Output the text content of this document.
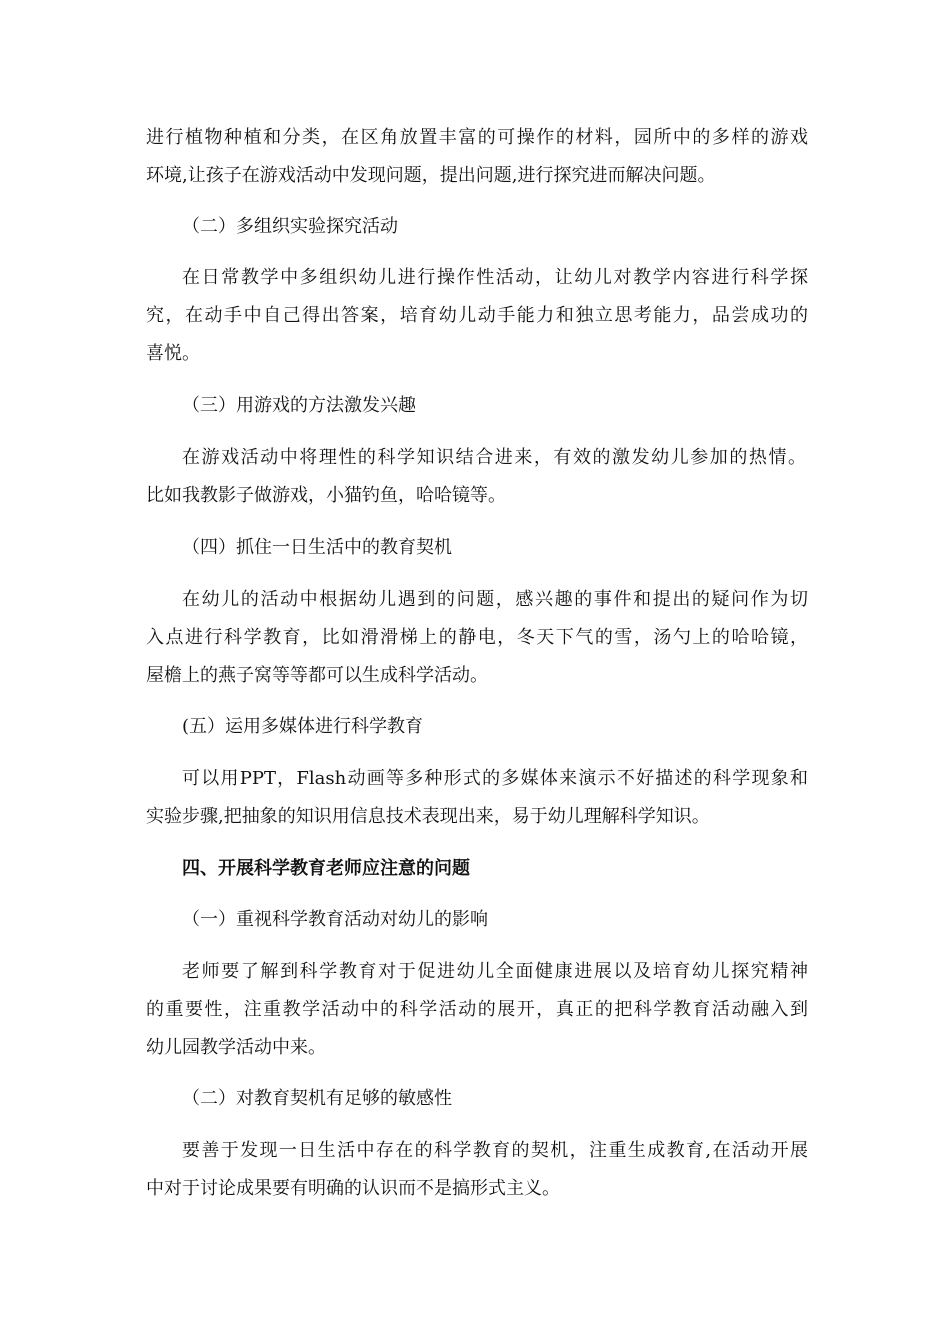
进行植物种植和分类，在区角放置丰富的可操作的材料，园所中的多样的游戏
环境,让孩子在游戏活动中发现问题，提出问题,进行探究进而解决问题。
（二）多组织实验探究活动
在日常教学中多组织幼儿进行操作性活动，让幼儿对教学内容进行科学探
究，在动手中自己得出答案，培育幼儿动手能力和独立思考能力，品尝成功的
喜悦。
（三）用游戏的方法激发兴趣
在游戏活动中将理性的科学知识结合进来，有效的激发幼儿参加的热情。
比如我教影子做游戏，小猫钓鱼，哈哈镜等。
（四）抓住一日生活中的教育契机
在幼儿的活动中根据幼儿遇到的问题，感兴趣的事件和提出的疑问作为切
入点进行科学教育，比如滑滑梯上的静电，冬天下气的雪，汤勺上的哈哈镜，
屋檐上的燕子窝等等都可以生成科学活动。
(五）运用多媒体进行科学教育
可以用PPT，Flash动画等多种形式的多媒体来演示不好描述的科学现象和
实验步骤,把抽象的知识用信息技术表现出来，易于幼儿理解科学知识。
四、开展科学教育老师应注意的问题
（一）重视科学教育活动对幼儿的影响
老师要了解到科学教育对于促进幼儿全面健康进展以及培育幼儿探究精神
的重要性，注重教学活动中的科学活动的展开，真正的把科学教育活动融入到
幼儿园教学活动中来。
（二）对教育契机有足够的敏感性
要善于发现一日生活中存在的科学教育的契机，注重生成教育,在活动开展
中对于讨论成果要有明确的认识而不是搞形式主义。
